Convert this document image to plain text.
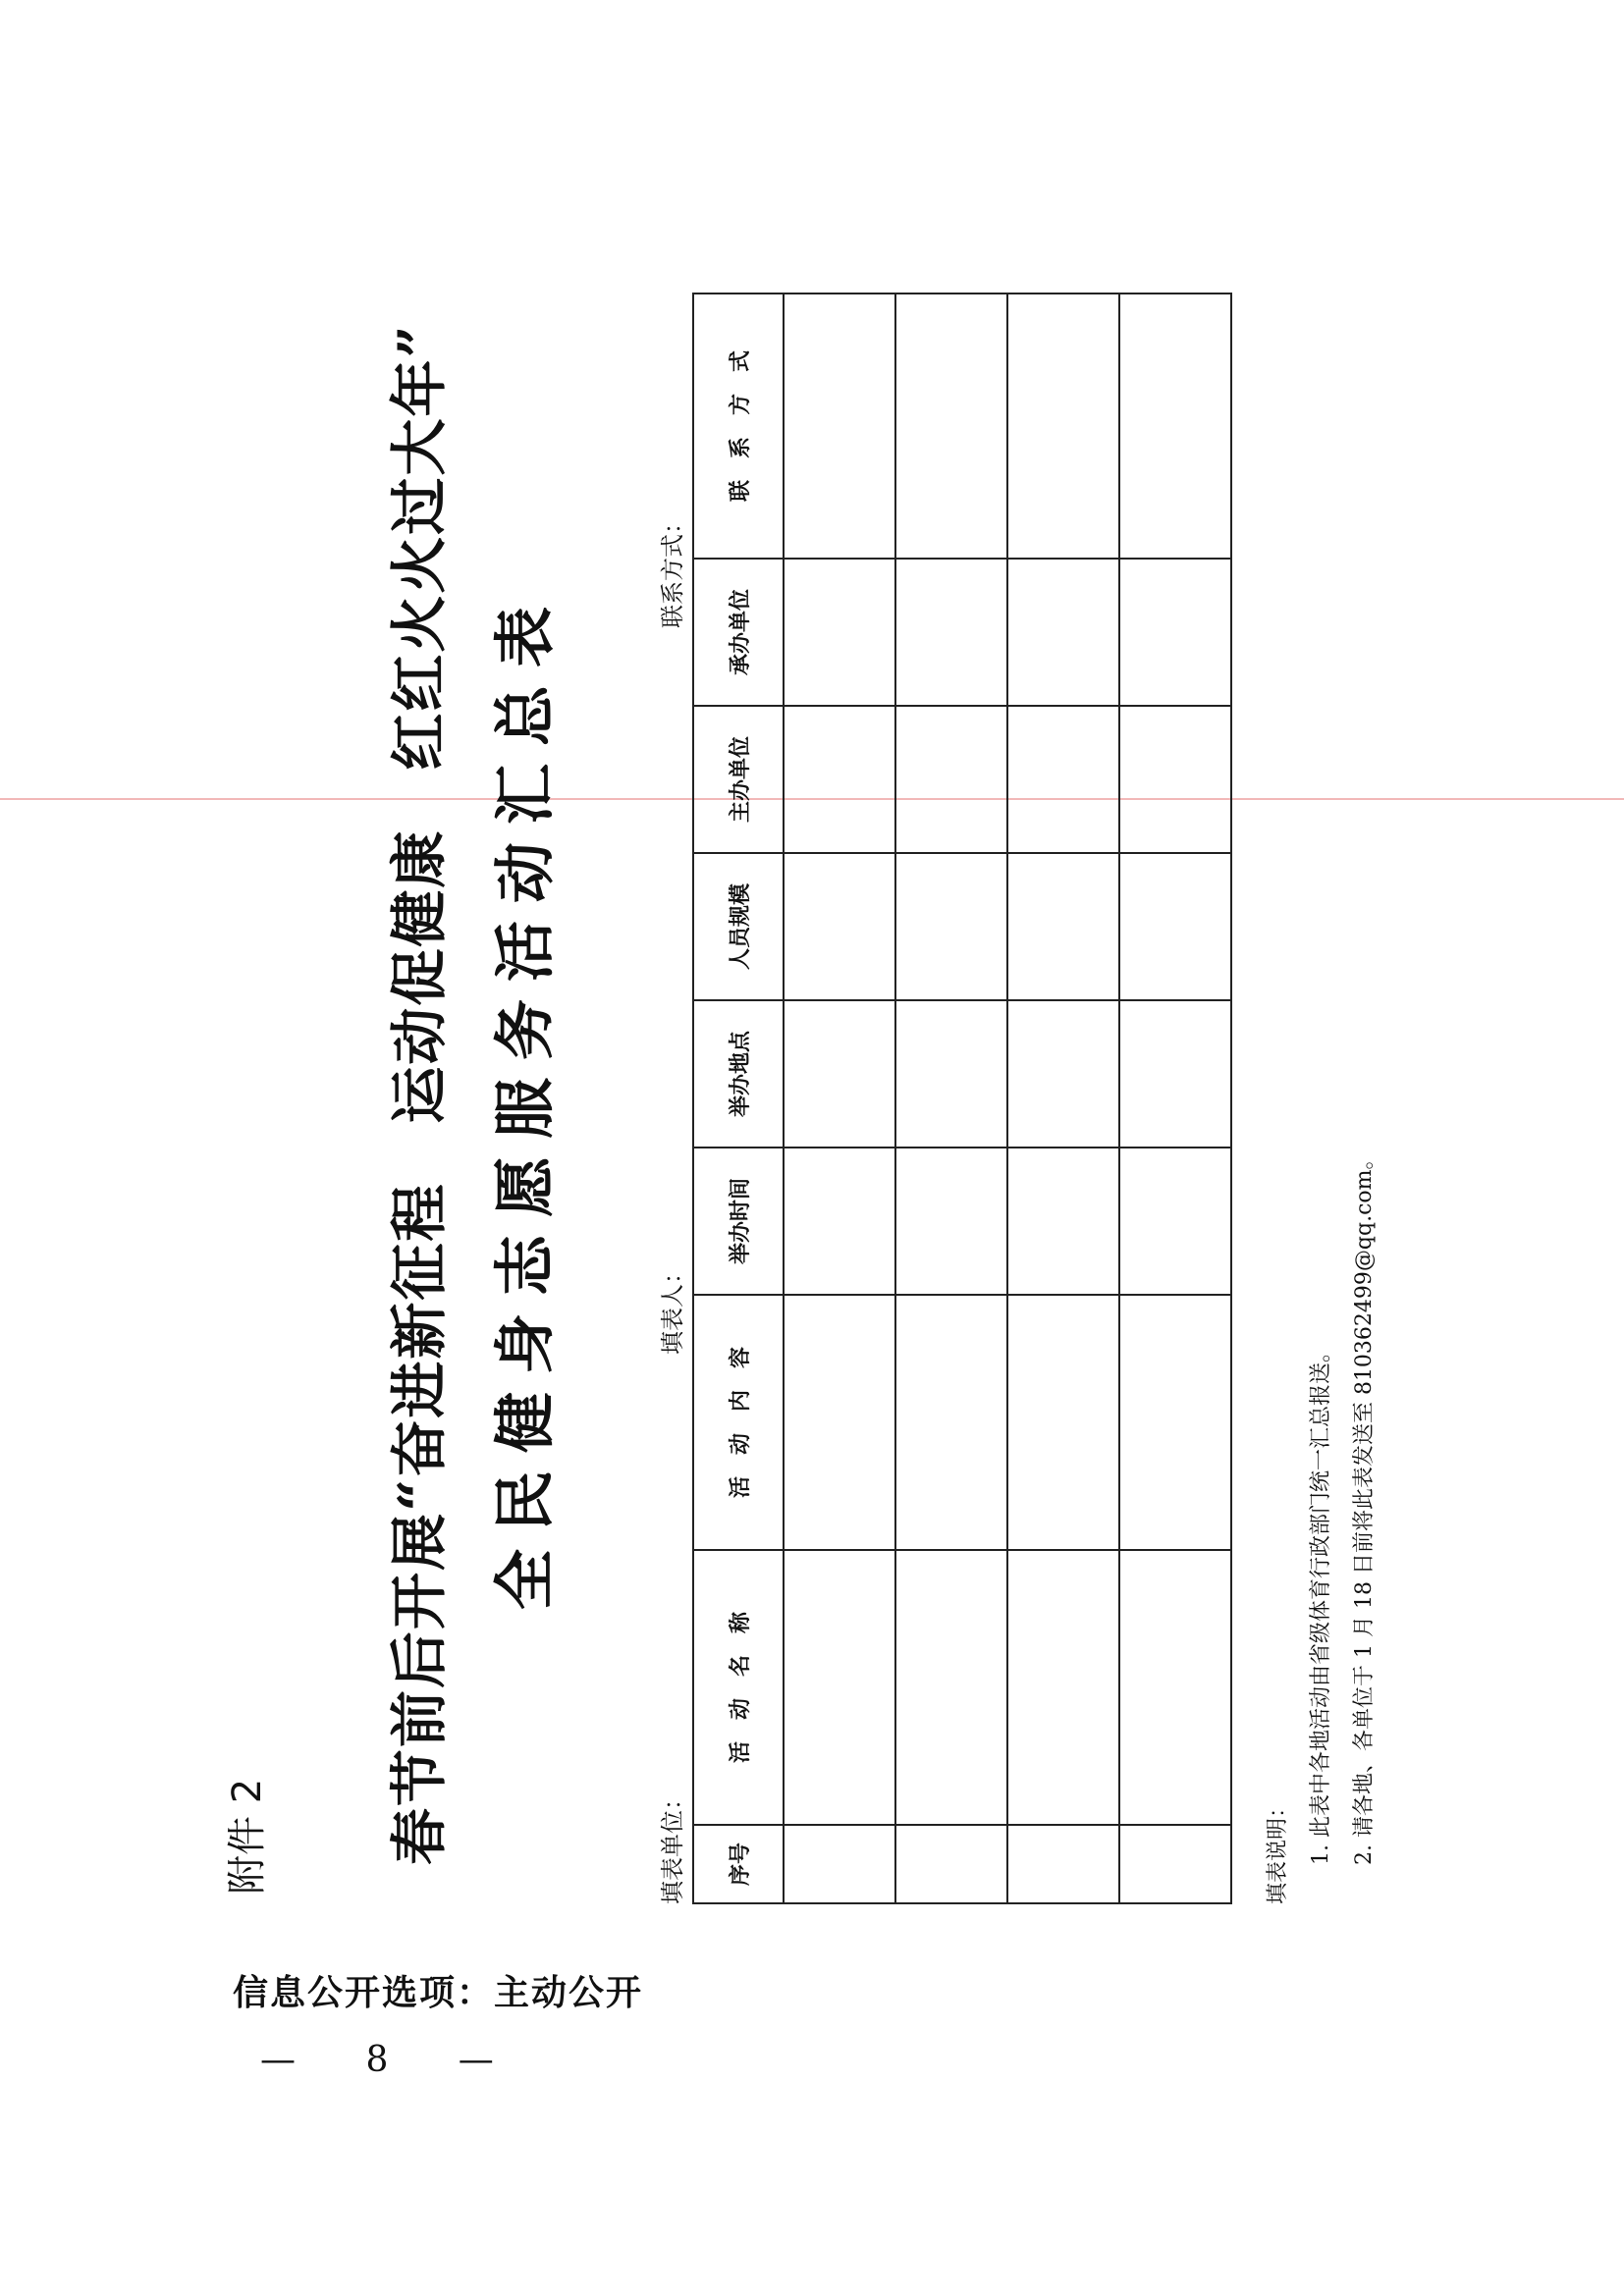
附件 2 春节前后开展“奋进新征程运动促健康红红火火过大年”
全民健身志愿服务活动汇总表
填表单位：
填表人：
联系方式：
序号	活　动　名　称	活　动　内　容	举办时间	举办地点	人员规模	主办单位	承办单位	联　系　方　式

填表说明： 1. 此表中各地活动由省级体育行政部门统一汇总报送。 2. 请各地、各单位于 1 月 18 日前将此表发送至 810362499@qq.com。
信息公开选项：主动公开
— 8 —
